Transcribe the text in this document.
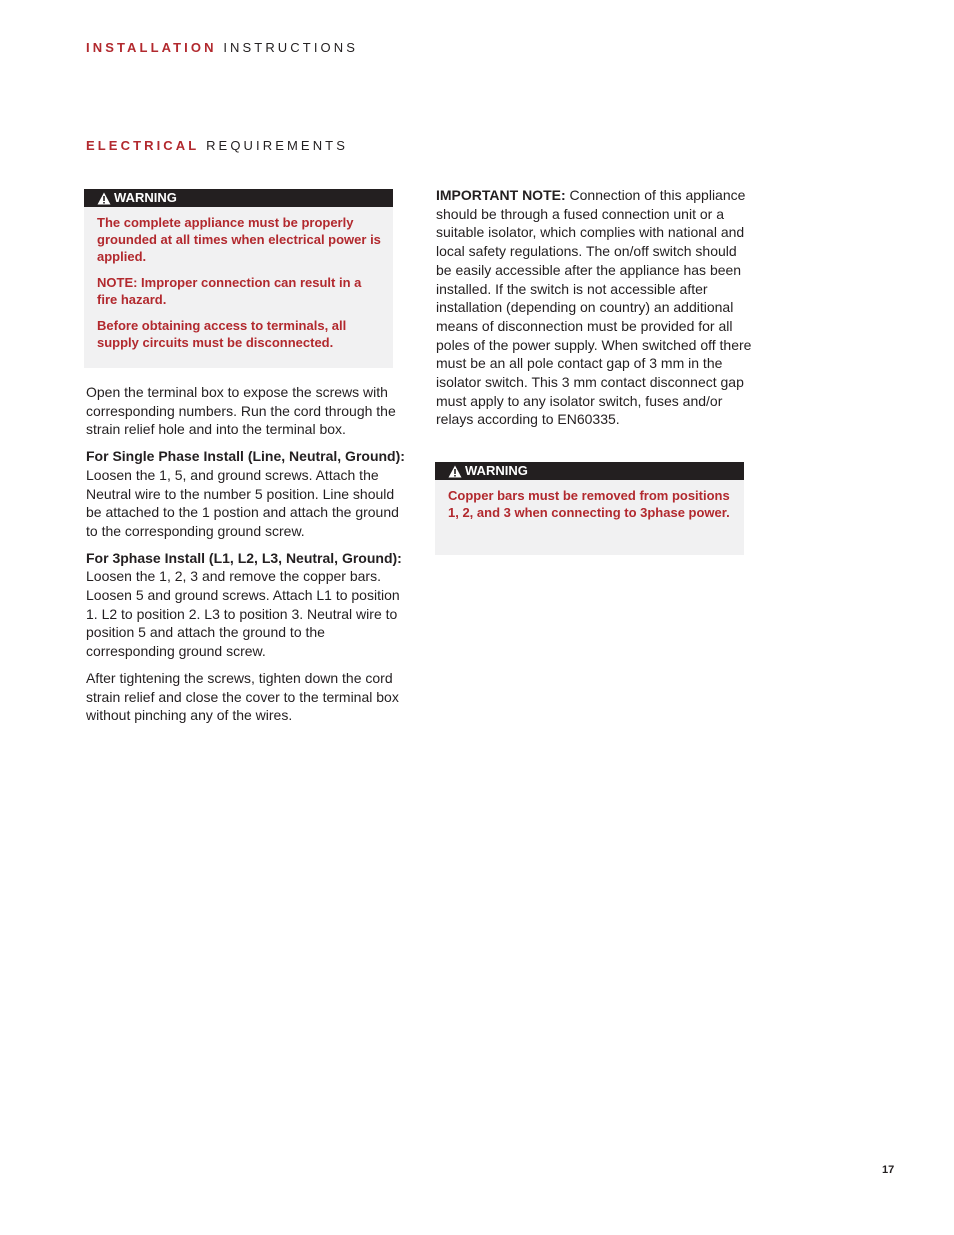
INSTALLATION INSTRUCTIONS
ELECTRICAL REQUIREMENTS
WARNING

The complete appliance must be properly grounded at all times when electrical power is applied.

NOTE: Improper connection can result in a fire hazard.

Before obtaining access to terminals, all supply circuits must be disconnected.

Open the terminal box to expose the screws with corresponding numbers. Run the cord through the strain relief hole and into the terminal box.

For Single Phase Install (Line, Neutral, Ground): Loosen the 1, 5, and ground screws. Attach the Neutral wire to the number 5 position. Line should be attached to the 1 postion and attach the ground to the corresponding ground screw.

For 3phase Install (L1, L2, L3, Neutral, Ground): Loosen the 1, 2, 3 and remove the copper bars. Loosen 5 and ground screws. Attach L1 to position 1. L2 to position 2. L3 to position 3. Neutral wire to position 5 and attach the ground to the corresponding ground screw.

After tightening the screws, tighten down the cord strain relief and close the cover to the terminal box without pinching any of the wires.

IMPORTANT NOTE: Connection of this appliance should be through a fused connection unit or a suitable isolator, which complies with national and local safety regulations. The on/off switch should be easily accessible after the appliance has been installed. If the switch is not accessible after installation (depending on country) an additional means of disconnection must be provided for all poles of the power supply. When switched off there must be an all pole contact gap of 3 mm in the isolator switch. This 3 mm contact disconnect gap must apply to any isolator switch, fuses and/or relays according to EN60335.

WARNING

Copper bars must be removed from positions 1, 2, and 3 when connecting to 3phase power.

17
